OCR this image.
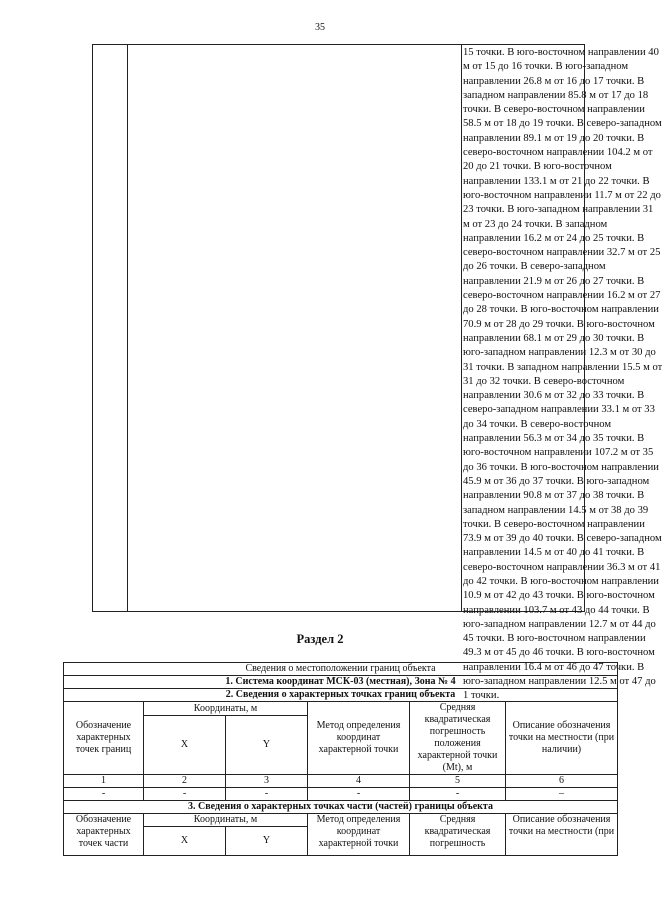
35
15 точки. В юго-восточном направлении 40
м от 15 до 16 точки. В юго-западном
направлении 26.8 м от 16 до 17 точки. В
западном направлении 85.8 м от 17 до 18
точки. В северо-восточном направлении
58.5 м от 18 до 19 точки. В северо-западном
направлении 89.1 м от 19 до 20 точки. В
северо-восточном направлении 104.2 м от
20 до 21 точки. В юго-восточном
направлении 133.1 м от 21 до 22 точки. В
юго-восточном направлении 11.7 м от 22 до
23 точки. В юго-западном направлении 31
м от 23 до 24 точки. В западном
направлении 16.2 м от 24 до 25 точки. В
северо-восточном направлении 32.7 м от 25
до 26 точки. В северо-западном
направлении 21.9 м от 26 до 27 точки. В
северо-восточном направлении 16.2 м от 27
до 28 точки. В юго-восточном направлении
70.9 м от 28 до 29 точки. В юго-восточном
направлении 68.1 м от 29 до 30 точки. В
юго-западном направлении 12.3 м от 30 до
31 точки. В западном направлении 15.5 м от
31 до 32 точки. В северо-восточном
направлении 30.6 м от 32 до 33 точки. В
северо-западном направлении 33.1 м от 33
до 34 точки. В северо-восточном
направлении 56.3 м от 34 до 35 точки. В
юго-восточном направлении 107.2 м от 35
до 36 точки. В юго-восточном направлении
45.9 м от 36 до 37 точки. В юго-западном
направлении 90.8 м от 37 до 38 точки. В
западном направлении 14.5 м от 38 до 39
точки. В северо-восточном направлении
73.9 м от 39 до 40 точки. В северо-западном
направлении 14.5 м от 40 до 41 точки. В
северо-восточном направлении 36.3 м от 41
до 42 точки. В юго-восточном направлении
10.9 м от 42 до 43 точки. В юго-восточном
направлении 103.7 м от 43 до 44 точки. В
юго-западном направлении 12.7 м от 44 до
45 точки. В юго-восточном направлении
49.3 м от 45 до 46 точки. В юго-восточном
направлении 16.4 м от 46 до 47 точки. В
юго-западном направлении 12.5 м от 47 до
1 точки.
Раздел 2
Сведения о местоположении границ объекта					
1. Система координат МСК-03 (местная), Зона № 4					
2. Сведения о характерных точках границ объекта					
Обозначение характерных точек границ	Координаты, м		Метод определения координат характерной точки	Средняя квадратическая погрешность положения характерной точки (Mt), м	Описание обозначения точки на местности (при наличии)
	X	Y			
1	2	3	4	5	6
-	-	-	-	-	–
3. Сведения о характерных точках части (частей) границы объекта					
Обозначение характерных точек части	Координаты, м		Метод определения координат характерной точки	Средняя квадратическая погрешность	Описание обозначения точки на местности (при
	X	Y			
